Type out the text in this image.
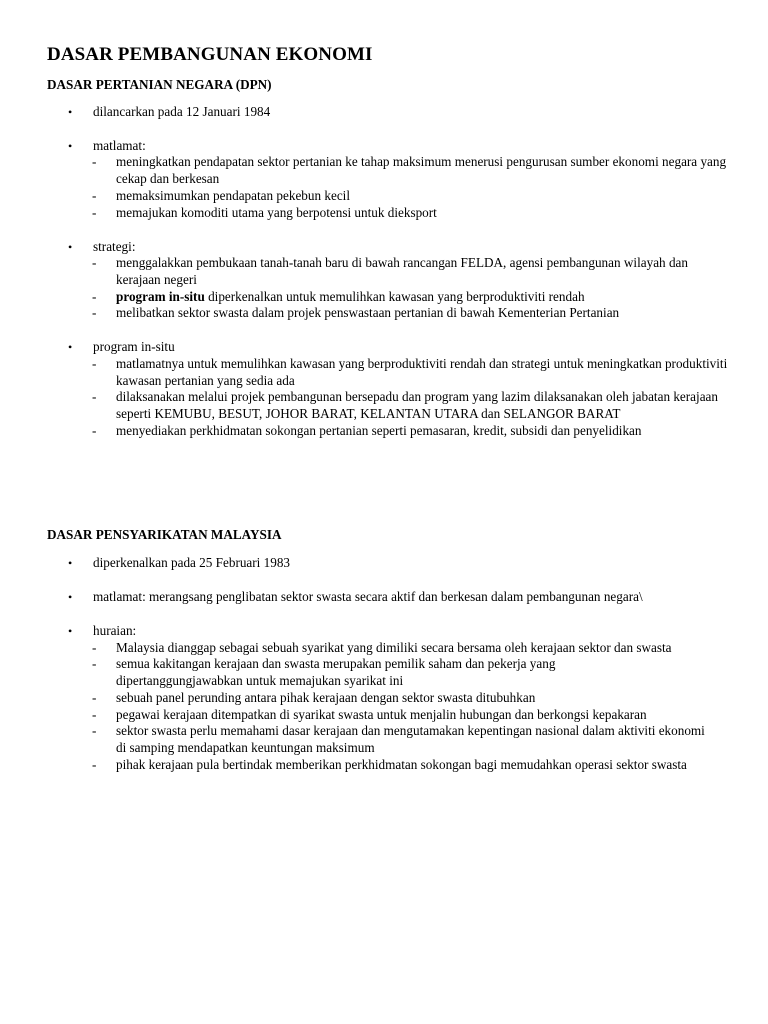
DASAR PEMBANGUNAN EKONOMI
DASAR PERTANIAN NEGARA (DPN)

• dilancarkan pada 12 Januari 1984

• matlamat:

- meningkatkan pendapatan sektor pertanian ke tahap maksimum menerusi pengurusan sumber ekonomi negara yang cekap dan berkesan

- memaksimumkan pendapatan pekebun kecil

- memajukan komoditi utama yang berpotensi untuk dieksport

• strategi:

- menggalakkan pembukaan tanah-tanah baru di bawah rancangan FELDA, agensi pembangunan wilayah dan kerajaan negeri

- program in-situ diperkenalkan untuk memulihkan kawasan yang berproduktiviti rendah

- melibatkan sektor swasta dalam projek penswastaan pertanian di bawah Kementerian Pertanian

• program in-situ

- matlamatnya untuk memulihkan kawasan yang berproduktiviti rendah dan strategi untuk meningkatkan produktiviti kawasan pertanian yang sedia ada

- dilaksanakan melalui projek pembangunan bersepadu dan program yang lazim dilaksanakan oleh jabatan kerajaan seperti KEMUBU, BESUT, JOHOR BARAT, KELANTAN UTARA dan SELANGOR BARAT

- menyediakan perkhidmatan sokongan pertanian seperti pemasaran, kredit, subsidi dan penyelidikan

DASAR PENSYARIKATAN MALAYSIA

• diperkenalkan pada 25 Februari 1983

• matlamat: merangsang penglibatan sektor swasta secara aktif dan berkesan dalam pembangunan negara\

• huraian:

- Malaysia dianggap sebagai sebuah syarikat yang dimiliki secara bersama oleh kerajaan sektor dan swasta

- semua kakitangan kerajaan dan swasta merupakan pemilik saham dan pekerja yang dipertanggungjawabkan untuk memajukan syarikat ini

- sebuah panel perunding antara pihak kerajaan dengan sektor swasta ditubuhkan

- pegawai kerajaan ditempatkan di syarikat swasta untuk menjalin hubungan dan berkongsi kepakaran

- sektor swasta perlu memahami dasar kerajaan dan mengutamakan kepentingan nasional dalam aktiviti ekonomi di samping mendapatkan keuntungan maksimum

- pihak kerajaan pula bertindak memberikan perkhidmatan sokongan bagi memudahkan operasi sektor swasta
